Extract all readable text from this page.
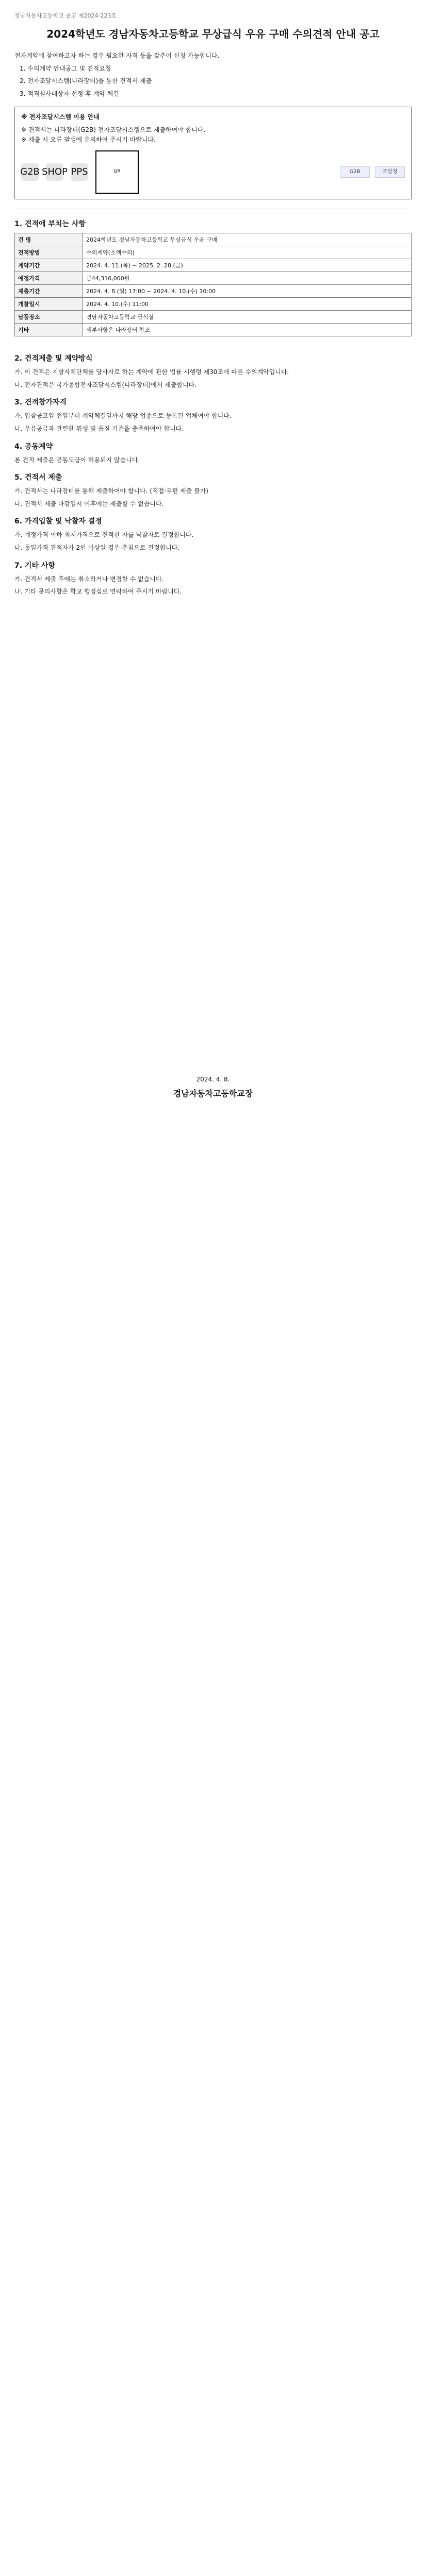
경남자동차고등학교 공고 제2024-223호

2024학년도 경남자동차고등학교 무상급식 우유 구매 수의견적 안내 공고

전자계약에 참여하고자 하는 경우 필요한 자격 등을 갖추어 신청 가능합니다.
1. 수의계약 안내공고 및 견적요청
2. 전자조달시스템(나라장터)을 통한 견적서 제출
3. 적격심사대상자 선정 후 계약 체결
※ 전자조달시스템 이용 안내
※ 견적서는 나라장터(G2B) 전자조달시스템으로 제출하여야 합니다.
※ 제출 시 오류 발생에 유의하여 주시기 바랍니다.
G2B SHOP PPS	QR	G2B	조달청
1. 견적에 부치는 사항
건 명	2024학년도 경남자동차고등학교 무상급식 우유 구매
견적방법	수의계약(소액수의)
계약기간	2024. 4. 11.(목) ~ 2025. 2. 28.(금)
예정가격	금44,316,000원
제출기간	2024. 4. 8.(월) 17:00 ~ 2024. 4. 10.(수) 10:00
개찰일시	2024. 4. 10.(수) 11:00
납품장소	경남자동차고등학교 급식실
기타	세부사항은 나라장터 참조
2. 견적제출 및 계약방식
가. 이 견적은 지방자치단체를 당사자로 하는 계약에 관한 법률 시행령 제30조에 따른 수의계약입니다.
나. 전자견적은 국가종합전자조달시스템(나라장터)에서 제출합니다.
3. 견적참가자격
가. 입찰공고일 전일부터 계약체결일까지 해당 업종으로 등록된 업체여야 합니다.
나. 우유공급과 관련한 위생 및 품질 기준을 충족하여야 합니다.
4. 공동계약
본 견적 제출은 공동도급이 허용되지 않습니다.
5. 견적서 제출
가. 견적서는 나라장터를 통해 제출하여야 합니다. (직접·우편 제출 불가)
나. 견적서 제출 마감일시 이후에는 제출할 수 없습니다.
6. 가격입찰 및 낙찰자 결정
가. 예정가격 이하 최저가격으로 견적한 자를 낙찰자로 결정합니다.
나. 동일가격 견적자가 2인 이상일 경우 추첨으로 결정합니다.
7. 기타 사항
가. 견적서 제출 후에는 취소하거나 변경할 수 없습니다.
나. 기타 문의사항은 학교 행정실로 연락하여 주시기 바랍니다.
2024. 4. 8.
경남자동차고등학교장
